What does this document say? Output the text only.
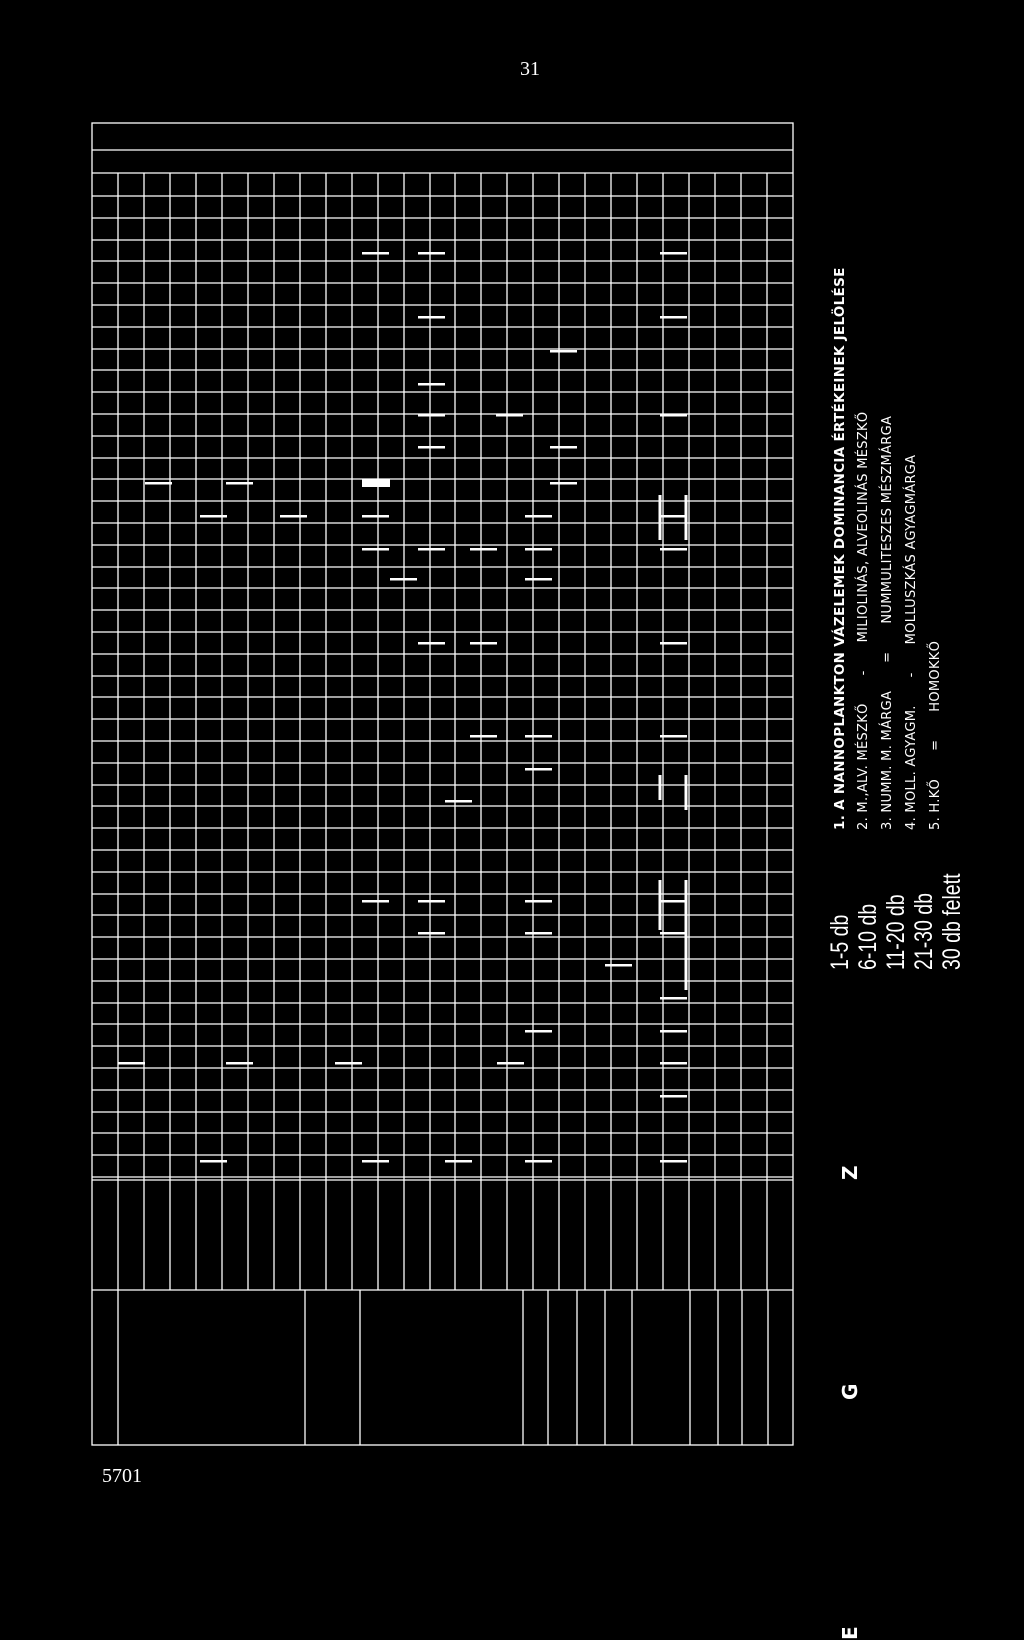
31
1-5 db 6-10 db 11-20 db 21-30 db 30 db felett
1. A NANNOPLANKTON VÁZELEMEK DOMINANCIA ÉRTÉKEINEK JELÖLÉSE 2. M.,ALV. MÉSZKŐ-MILIOLINÁS, ALVEOLINÁS MÉSZKŐ
3. NUMM. M. MÁRGA=NUMMULITESZES MÉSZMÁRGA
4. MOLL. AGYAGM.-MOLLUSZKÁS AGYAGMÁRGA
5. H.KŐ=HOMOKKŐ
Z
G
E
5701
